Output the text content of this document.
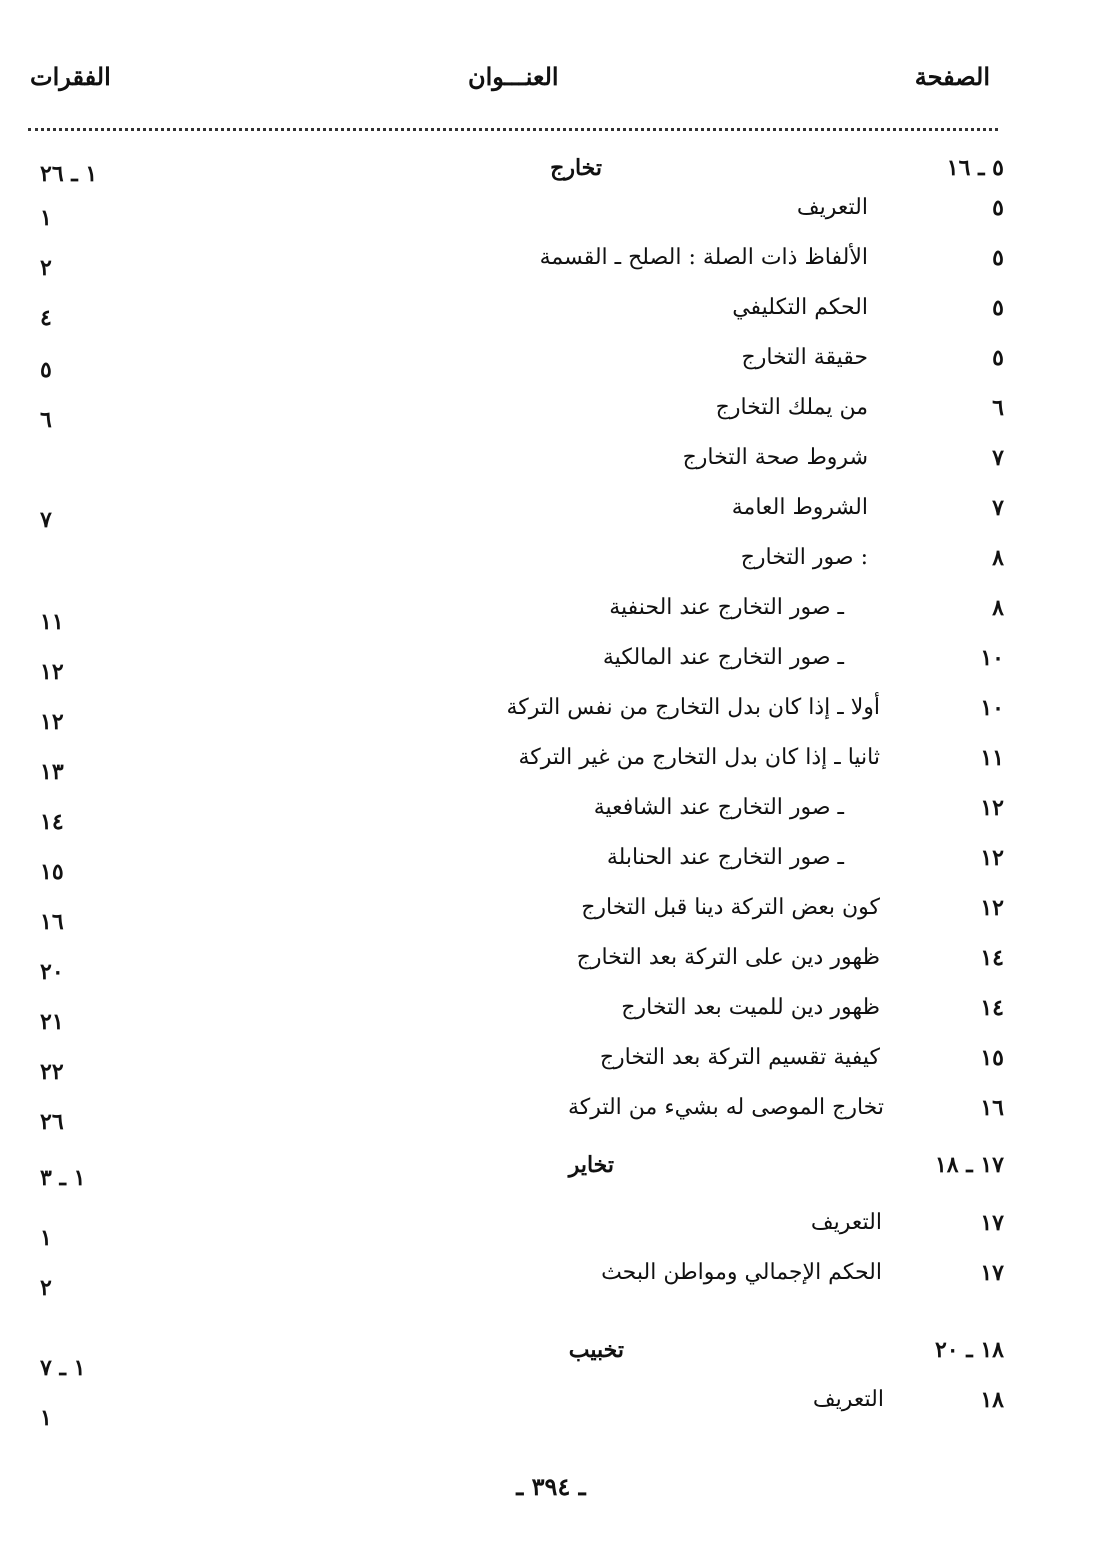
الصفحة
العنـــوان
الفقرات
٥ ـ ١٦
تخارج
١ ـ ٢٦
٥
التعريف
١
٥
الألفاظ ذات الصلة : الصلح ـ القسمة
٢
٥
الحكم التكليفي
٤
٥
حقيقة التخارج
٥
٦
من يملك التخارج
٦
٧
شروط صحة التخارج
٧
الشروط العامة
٧
٨
صور التخارج :
٨
ـ صور التخارج عند الحنفية
١١
١٠
ـ صور التخارج عند المالكية
١٢
١٠
أولا ـ إذا كان بدل التخارج من نفس التركة
١٢
١١
ثانيا ـ إذا كان بدل التخارج من غير التركة
١٣
١٢
ـ صور التخارج عند الشافعية
١٤
١٢
ـ صور التخارج عند الحنابلة
١٥
١٢
كون بعض التركة دينا قبل التخارج
١٦
١٤
ظهور دين على التركة بعد التخارج
٢٠
١٤
ظهور دين للميت بعد التخارج
٢١
١٥
كيفية تقسيم التركة بعد التخارج
٢٢
١٦
تخارج الموصى له بشيء من التركة
٢٦
١٧ ـ ١٨
تخاير
١ ـ ٣
١٧
التعريف
١
١٧
الحكم الإجمالي ومواطن البحث
٢
١٨ ـ ٢٠
تخبيب
١ ـ ٧
١٨
التعريف
١
ـ ٣٩٤ ـ
